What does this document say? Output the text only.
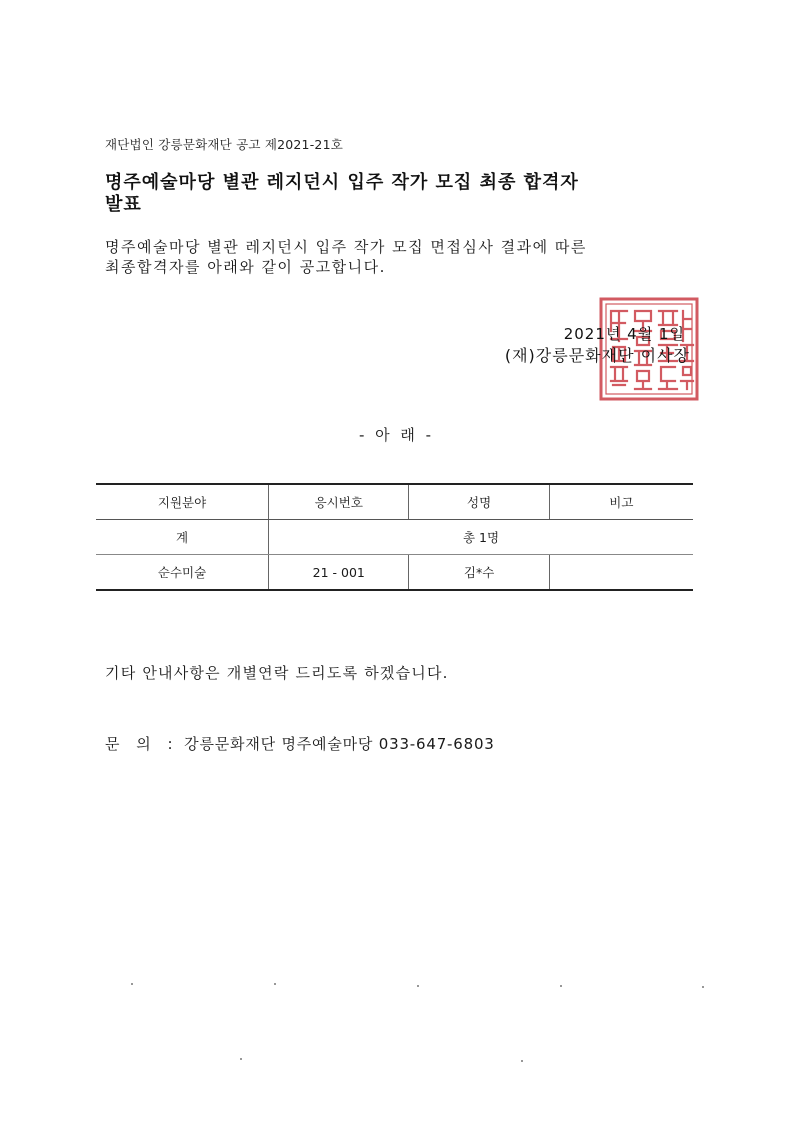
재단법인 강릉문화재단 공고 제2021-21호
명주예술마당 별관 레지던시 입주 작가 모집 최종 합격자
발표
명주예술마당 별관 레지던시 입주 작가 모집 면접심사 결과에 따른
최종합격자를 아래와 같이 공고합니다.
2021년 4월 1일
(재)강릉문화재단 이사장
- 아 래 -
지원분야	응시번호	성명	비고
계	총 1명		
순수미술	21 - 001	김*수	
기타 안내사항은 개별연락 드리도록 하겠습니다.
문 의 : 강릉문화재단 명주예술마당 033-647-6803
